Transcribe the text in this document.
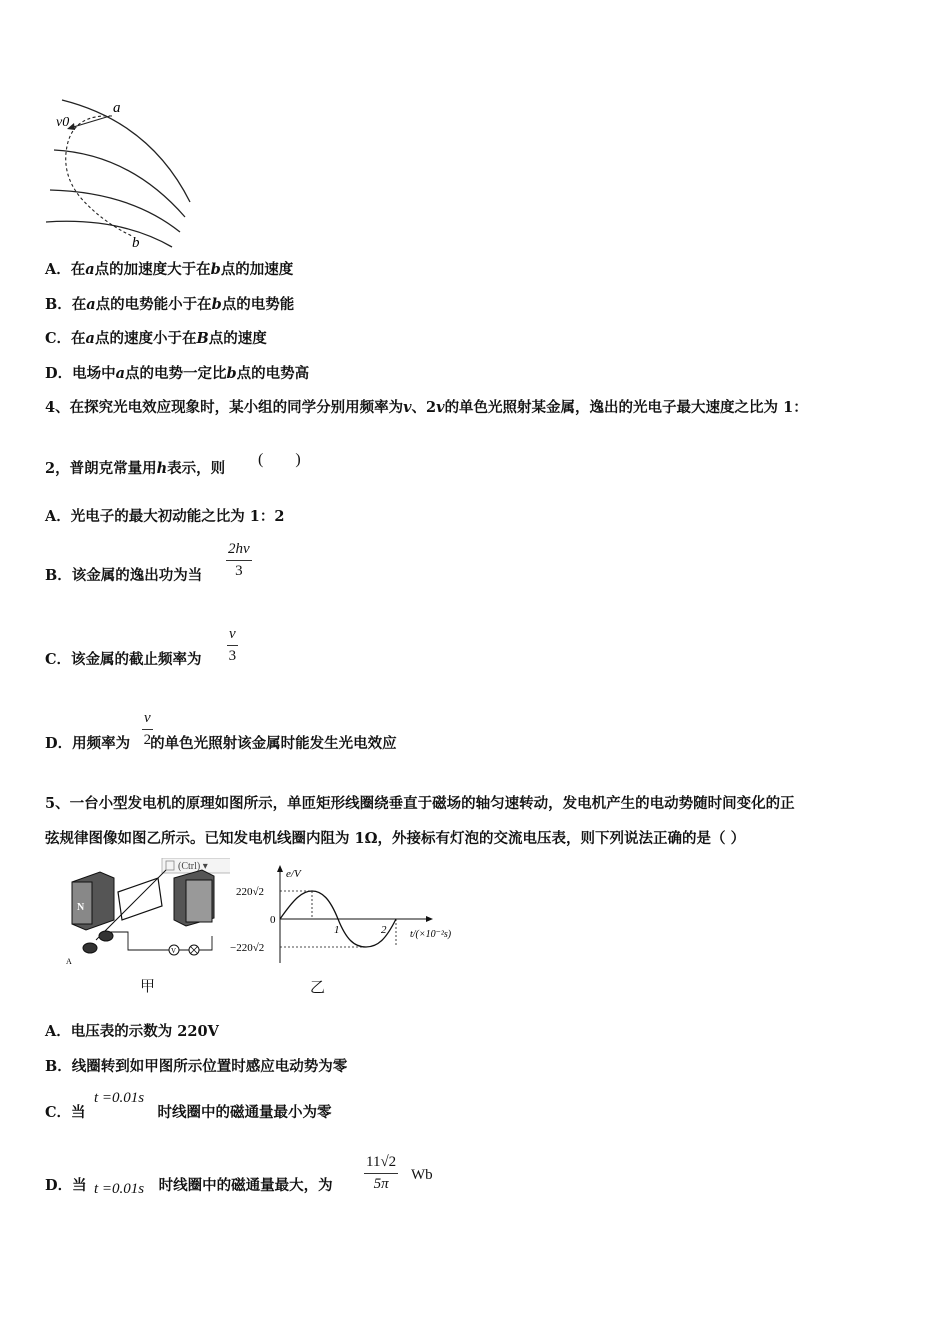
a
v0
b
A．在a点的加速度大于在b点的加速度
B．在a点的电势能小于在b点的电势能
C．在a点的速度小于在B点的速度
D．电场中a点的电势一定比b点的电势高
4、在探究光电效应现象时，某小组的同学分别用频率为v、2v的单色光照射某金属，逸出的光电子最大速度之比为 1：
2，普朗克常量用h表示，则
(　　)
A．光电子的最大初动能之比为 1：2
B．该金属的逸出功为当
2hv
3
C．该金属的截止频率为
v
3
D．用频率为 的单色光照射该金属时能发生光电效应
v
2
5、一台小型发电机的原理如图所示，单匝矩形线圈绕垂直于磁场的轴匀速转动，发电机产生的电动势随时间变化的正
弦规律图像如图乙所示。已知发电机线圈内阻为 1Ω，外接标有灯泡的交流电压表，则下列说法正确的是（ ）
(Ctrl) ▾
N
V
A
甲
e/V
220√2
0
−220√2
1	2 t/(×10⁻²s)
乙
A．电压表的示数为 220V
B．线圈转到如甲图所示位置时感应电动势为零
C．当	时线圈中的磁通量最小为零
t =0.01s
D．当	时线圈中的磁通量最大，为
t =0.01s
11√2
5π
Wb
